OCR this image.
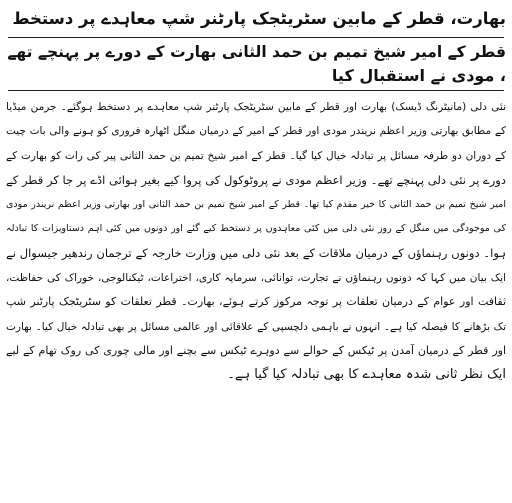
بھارت، قطر کے مابین سٹریٹجک پارٹنر شپ معاہدے پر دستخط
قطر کے امیر شیخ تمیم بن حمد الثانی بھارت کے دورے پر پہنچے تھے
، مودی نے استقبال کیا
نئی دلی (مانیٹرنگ ڈیسک) بھارت اور قطر کے مابین سٹریٹجک پارٹنر شپ معاہدے پر دستخط ہوگئے۔ جرمن میڈیا
کے مطابق بھارتی وزیر اعظم نریندر مودی اور قطر کے امیر کے درمیان منگل اٹھارہ فروری کو ہونے والی بات چیت
کے دوران دو طرفہ مسائل پر تبادلہ خیال کیا گیا۔ قطر کے امیر شیخ تمیم بن حمد الثانی پیر کی رات کو بھارت کے
دورے پر نئی دلی پہنچے تھے۔ وزیر اعظم مودی نے پروٹوکول کی پروا کیے بغیر ہوائی اڈے پر جا کر قطر کے
امیر شیخ تمیم بن حمد الثانی کا خیر مقدم کیا تھا۔ قطر کے امیر شیخ تمیم بن حمد الثانی اور بھارتی وزیر اعظم نریندر مودی
کی موجودگی میں منگل کے روز نئی دلی میں کئی معاہدوں پر دستخط کیے گئے اور دونوں میں کئی اہم دستاویزات کا تبادلہ
ہوا۔ دونوں رہنماؤں کے درمیان ملاقات کے بعد نئی دلی میں وزارت خارجہ کے ترجمان رندھیر جیسوال نے
ایک بیان میں کہا کہ دونوں رہنماؤں نے تجارت، توانائی، سرمایہ کاری، اختراعات، ٹیکنالوجی، خوراک کی حفاظت،
ثقافت اور عوام کے درمیان تعلقات پر توجہ مرکوز کرتے ہوئے، بھارت۔ قطر تعلقات کو سٹریٹجک پارٹنر شپ
تک بڑھانے کا فیصلہ کیا ہے۔ انہوں نے باہمی دلچسپی کے علاقائی اور عالمی مسائل پر بھی تبادلہ خیال کیا۔ بھارت
اور قطر کے درمیان آمدن پر ٹیکس کے حوالے سے دوہرے ٹیکس سے بچنے اور مالی چوری کی روک تھام کے لیے
ایک نظر ثانی شدہ معاہدے کا بھی تبادلہ کیا گیا ہے۔
